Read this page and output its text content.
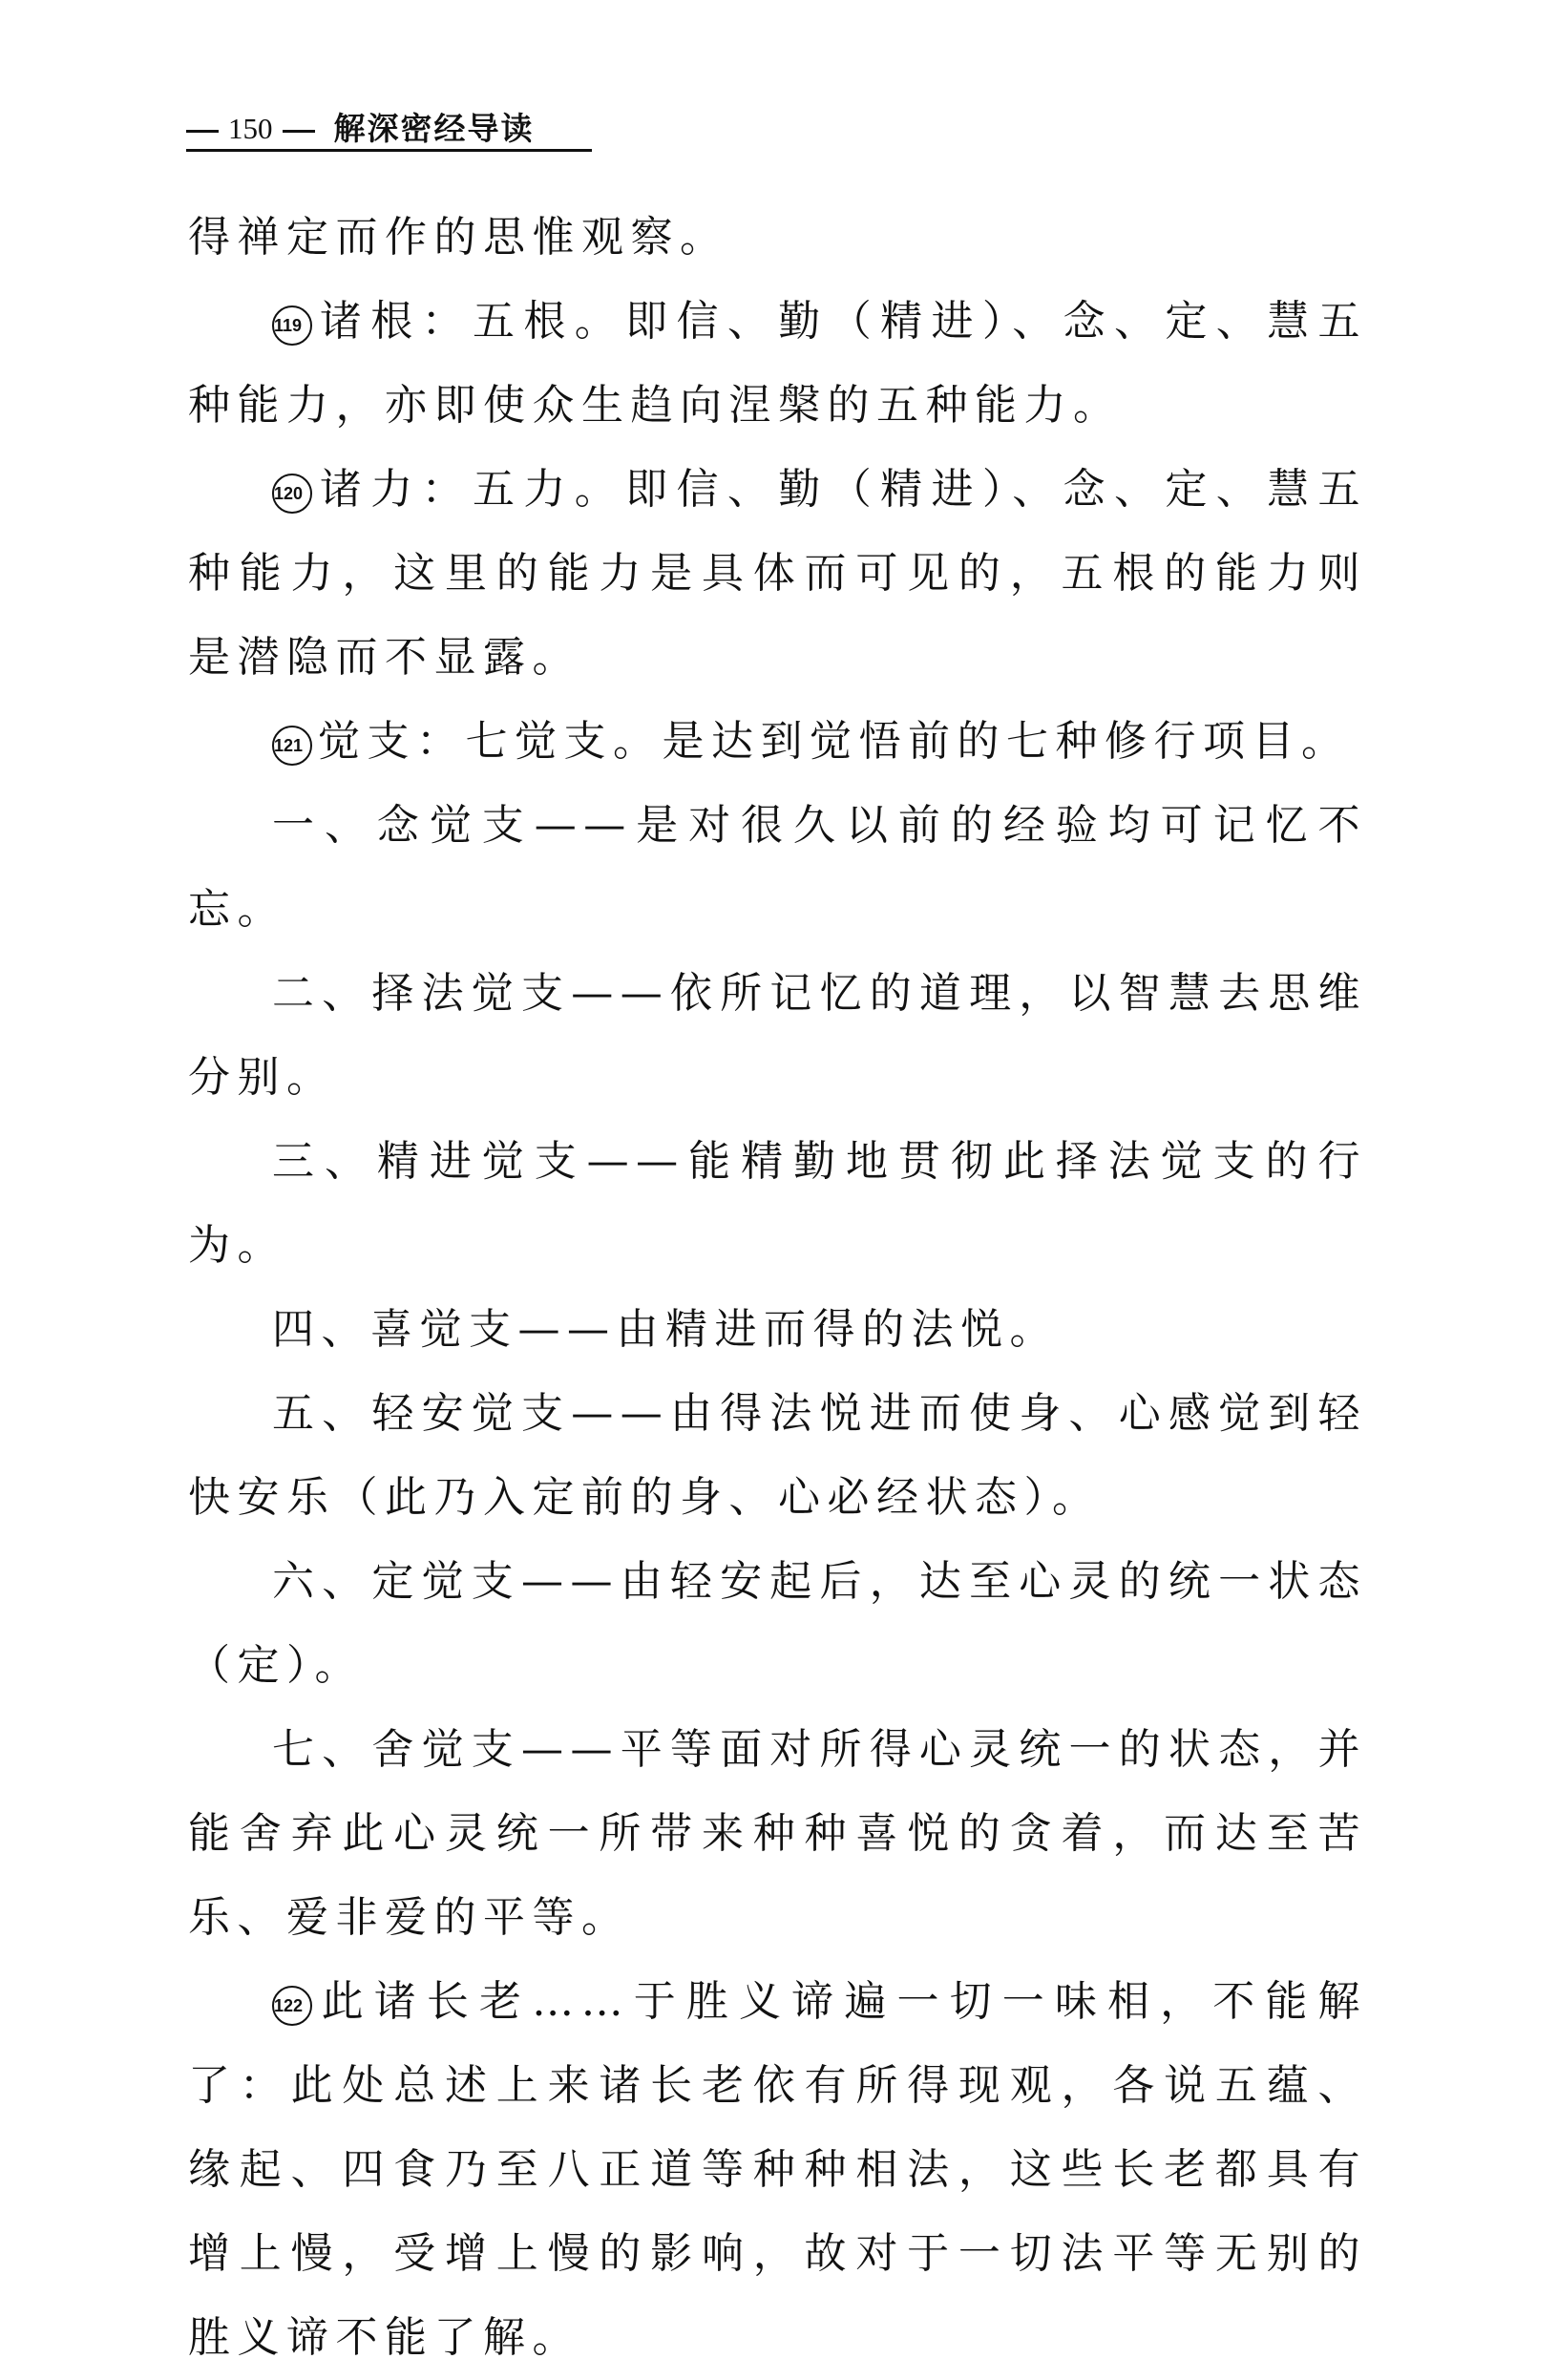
150 解深密经导读

得禅定而作的思惟观察。

119 诸根：五根。即信、勤（精进）、念、定、慧五种能力，亦即使众生趋向涅槃的五种能力。

120 诸力：五力。即信、勤（精进）、念、定、慧五种能力，这里的能力是具体而可见的，五根的能力则是潜隐而不显露。

121 觉支：七觉支。是达到觉悟前的七种修行项目。

一、念觉支——是对很久以前的经验均可记忆不忘。

二、择法觉支——依所记忆的道理，以智慧去思维分别。

三、精进觉支——能精勤地贯彻此择法觉支的行为。

四、喜觉支——由精进而得的法悦。

五、轻安觉支——由得法悦进而使身、心感觉到轻快安乐（此乃入定前的身、心必经状态）。

六、定觉支——由轻安起后，达至心灵的统一状态（定）。

七、舍觉支——平等面对所得心灵统一的状态，并能舍弃此心灵统一所带来种种喜悦的贪着，而达至苦乐、爱非爱的平等。

122 此诸长老……于胜义谛遍一切一味相，不能解了：此处总述上来诸长老依有所得现观，各说五蕴、缘起、四食乃至八正道等种种相法，这些长老都具有增上慢，受增上慢的影响，故对于一切法平等无别的胜义谛不能了解。
